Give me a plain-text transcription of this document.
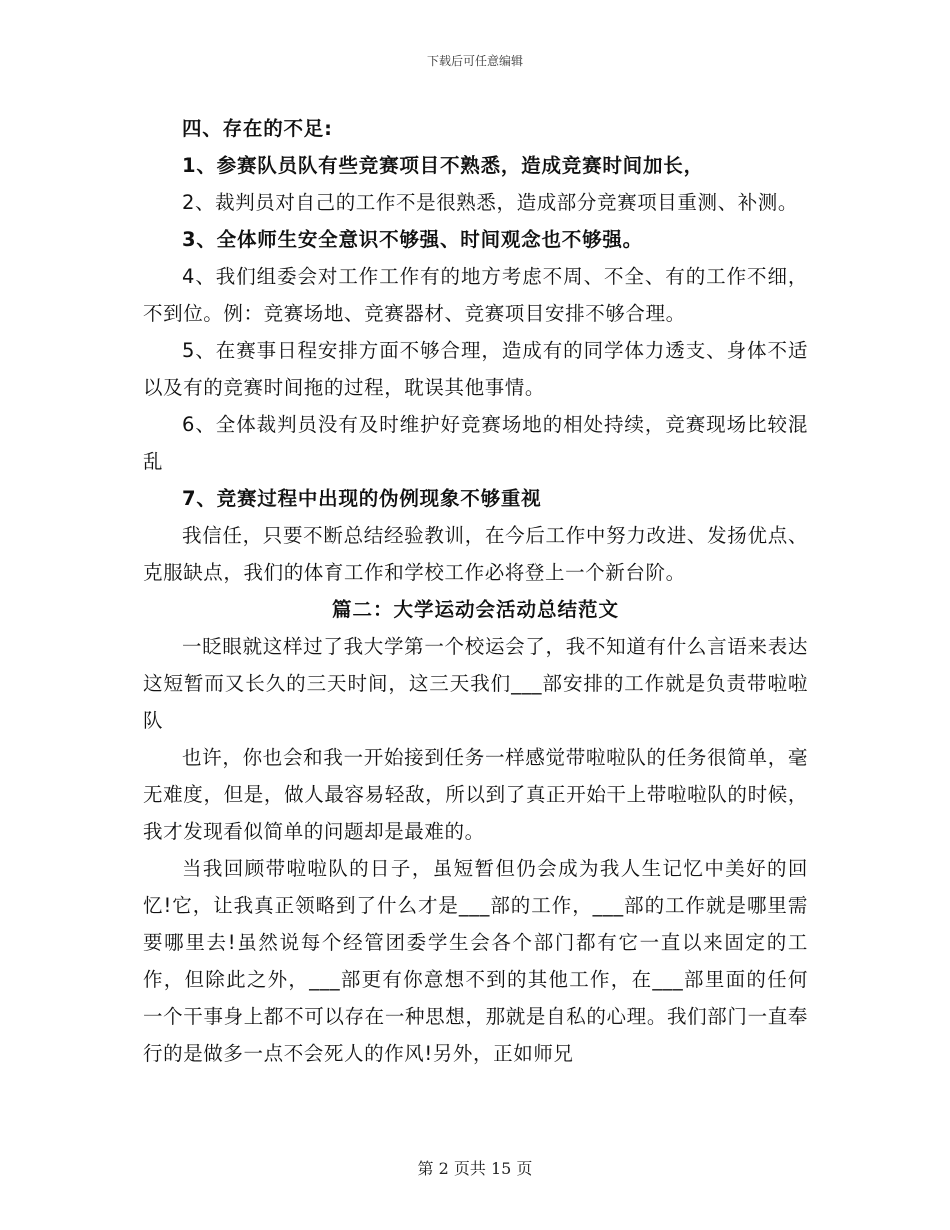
下载后可任意编辑

四、存在的不足:

1、参赛队员队有些竞赛项目不熟悉，造成竞赛时间加长，

2、裁判员对自己的工作不是很熟悉，造成部分竞赛项目重测、补测。

3、全体师生安全意识不够强、时间观念也不够强。

4、我们组委会对工作工作有的地方考虑不周、不全、有的工作不细，不到位。例：竞赛场地、竞赛器材、竞赛项目安排不够合理。

5、在赛事日程安排方面不够合理，造成有的同学体力透支、身体不适以及有的竞赛时间拖的过程，耽误其他事情。

6、全体裁判员没有及时维护好竞赛场地的相处持续，竞赛现场比较混乱

7、竞赛过程中出现的伪例现象不够重视

我信任，只要不断总结经验教训，在今后工作中努力改进、发扬优点、克服缺点，我们的体育工作和学校工作必将登上一个新台阶。

篇二：大学运动会活动总结范文

一眨眼就这样过了我大学第一个校运会了，我不知道有什么言语来表达这短暂而又长久的三天时间，这三天我们___部安排的工作就是负责带啦啦队

也许，你也会和我一开始接到任务一样感觉带啦啦队的任务很简单，毫无难度，但是，做人最容易轻敌，所以到了真正开始干上带啦啦队的时候，我才发现看似简单的问题却是最难的。

当我回顾带啦啦队的日子，虽短暂但仍会成为我人生记忆中美好的回忆!它，让我真正领略到了什么才是___部的工作，___部的工作就是哪里需要哪里去!虽然说每个经管团委学生会各个部门都有它一直以来固定的工作，但除此之外，___部更有你意想不到的其他工作，在___部里面的任何一个干事身上都不可以存在一种思想，那就是自私的心理。我们部门一直奉行的是做多一点不会死人的作风!另外，正如师兄

第 2 页共 15 页
